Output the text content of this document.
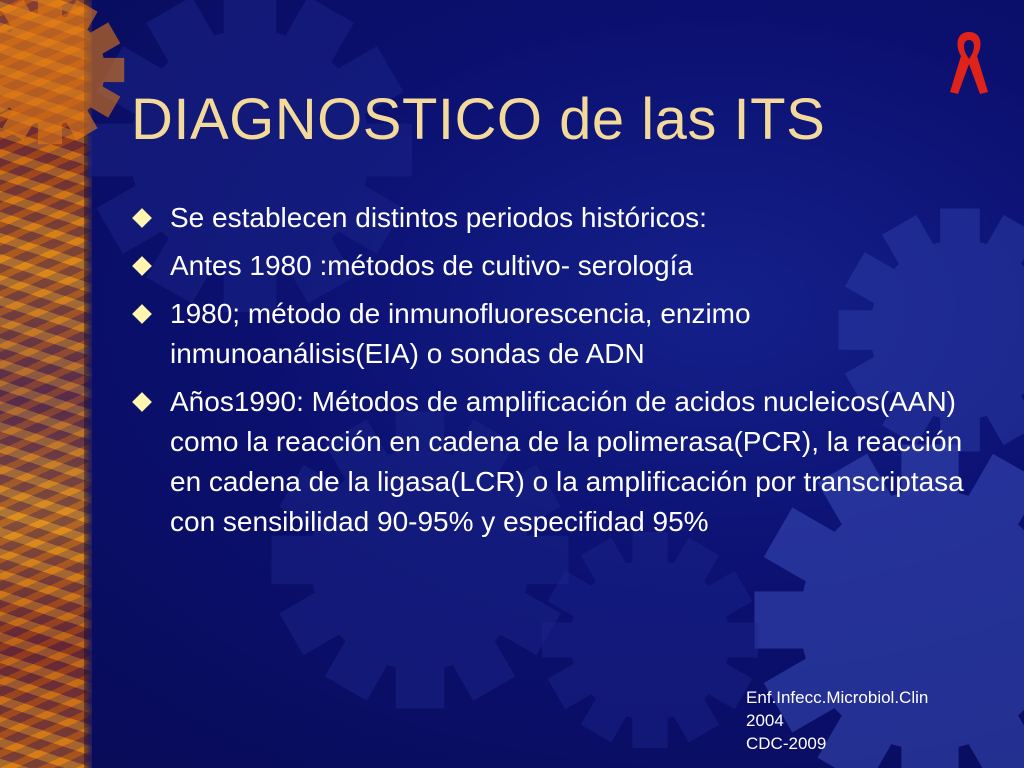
DIAGNOSTICO de las ITS
Se establecen distintos periodos históricos:
Antes 1980 :métodos de cultivo- serología
1980; método de inmunofluorescencia, enzimo inmunoanálisis(EIA) o sondas de ADN
Años1990: Métodos de amplificación de acidos nucleicos(AAN) como la reacción en cadena de la polimerasa(PCR), la reacción en cadena de la ligasa(LCR) o la amplificación por transcriptasa con sensibilidad 90-95% y especifidad 95%
Enf.Infecc.Microbiol.Clin
2004
CDC-2009
